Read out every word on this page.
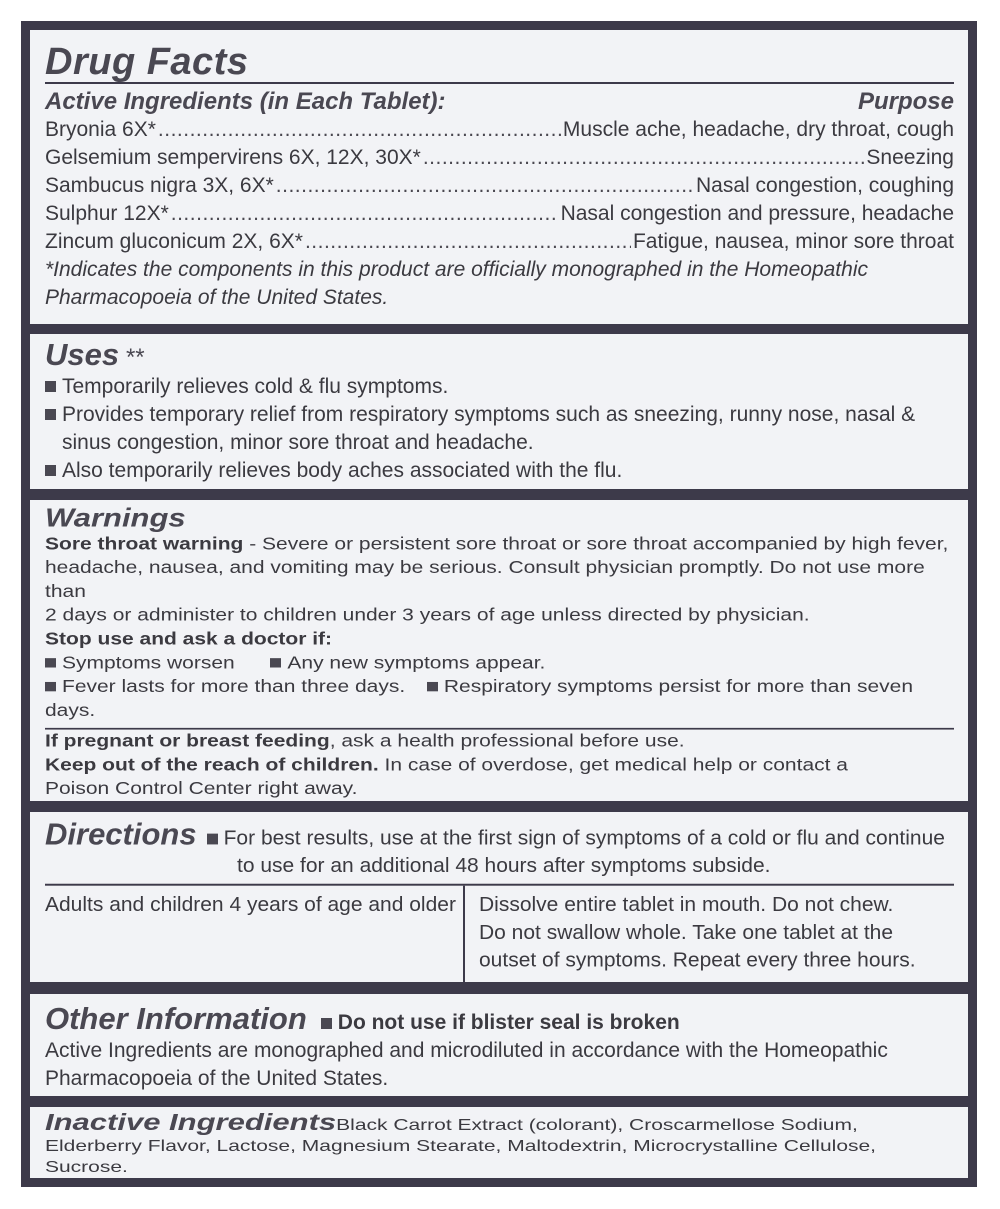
Drug Facts
Active Ingredients (in Each Tablet):	Purpose
Bryonia 6X* .....	Muscle ache, headache, dry throat, cough
Gelsemium sempervirens 6X, 12X, 30X* .....	Sneezing
Sambucus nigra 3X, 6X* .....	Nasal congestion, coughing
Sulphur 12X* .....	Nasal congestion and pressure, headache
Zincum gluconicum 2X, 6X* .....	Fatigue, nausea, minor sore throat
*Indicates the components in this product are officially monographed in the Homeopathic
Pharmacopoeia of the United States.
Uses **
Temporarily relieves cold & flu symptoms.
Provides temporary relief from respiratory symptoms such as sneezing, runny nose, nasal &
sinus congestion, minor sore throat and headache.
Also temporarily relieves body aches associated with the flu.
Warnings
Sore throat warning - Severe or persistent sore throat or sore throat accompanied by high fever,
headache, nausea, and vomiting may be serious. Consult physician promptly. Do not use more than
2 days or administer to children under 3 years of age unless directed by physician.
Stop use and ask a doctor if:
Symptoms worsen	Any new symptoms appear.
Fever lasts for more than three days. Respiratory symptoms persist for more than seven days.
If pregnant or breast feeding, ask a health professional before use.
Keep out of the reach of children. In case of overdose, get medical help or contact a
Poison Control Center right away.
Directions For best results, use at the first sign of symptoms of a cold or flu and continue
to use for an additional 48 hours after symptoms subside.
Adults and children 4 years of age and older	Dissolve entire tablet in mouth. Do not chew.
Do not swallow whole. Take one tablet at the
outset of symptoms. Repeat every three hours.
Other Information Do not use if blister seal is broken
Active Ingredients are monographed and microdiluted in accordance with the Homeopathic
Pharmacopoeia of the United States.
Inactive Ingredients Black Carrot Extract (colorant), Croscarmellose Sodium,
Elderberry Flavor, Lactose, Magnesium Stearate, Maltodextrin, Microcrystalline Cellulose, Sucrose.
